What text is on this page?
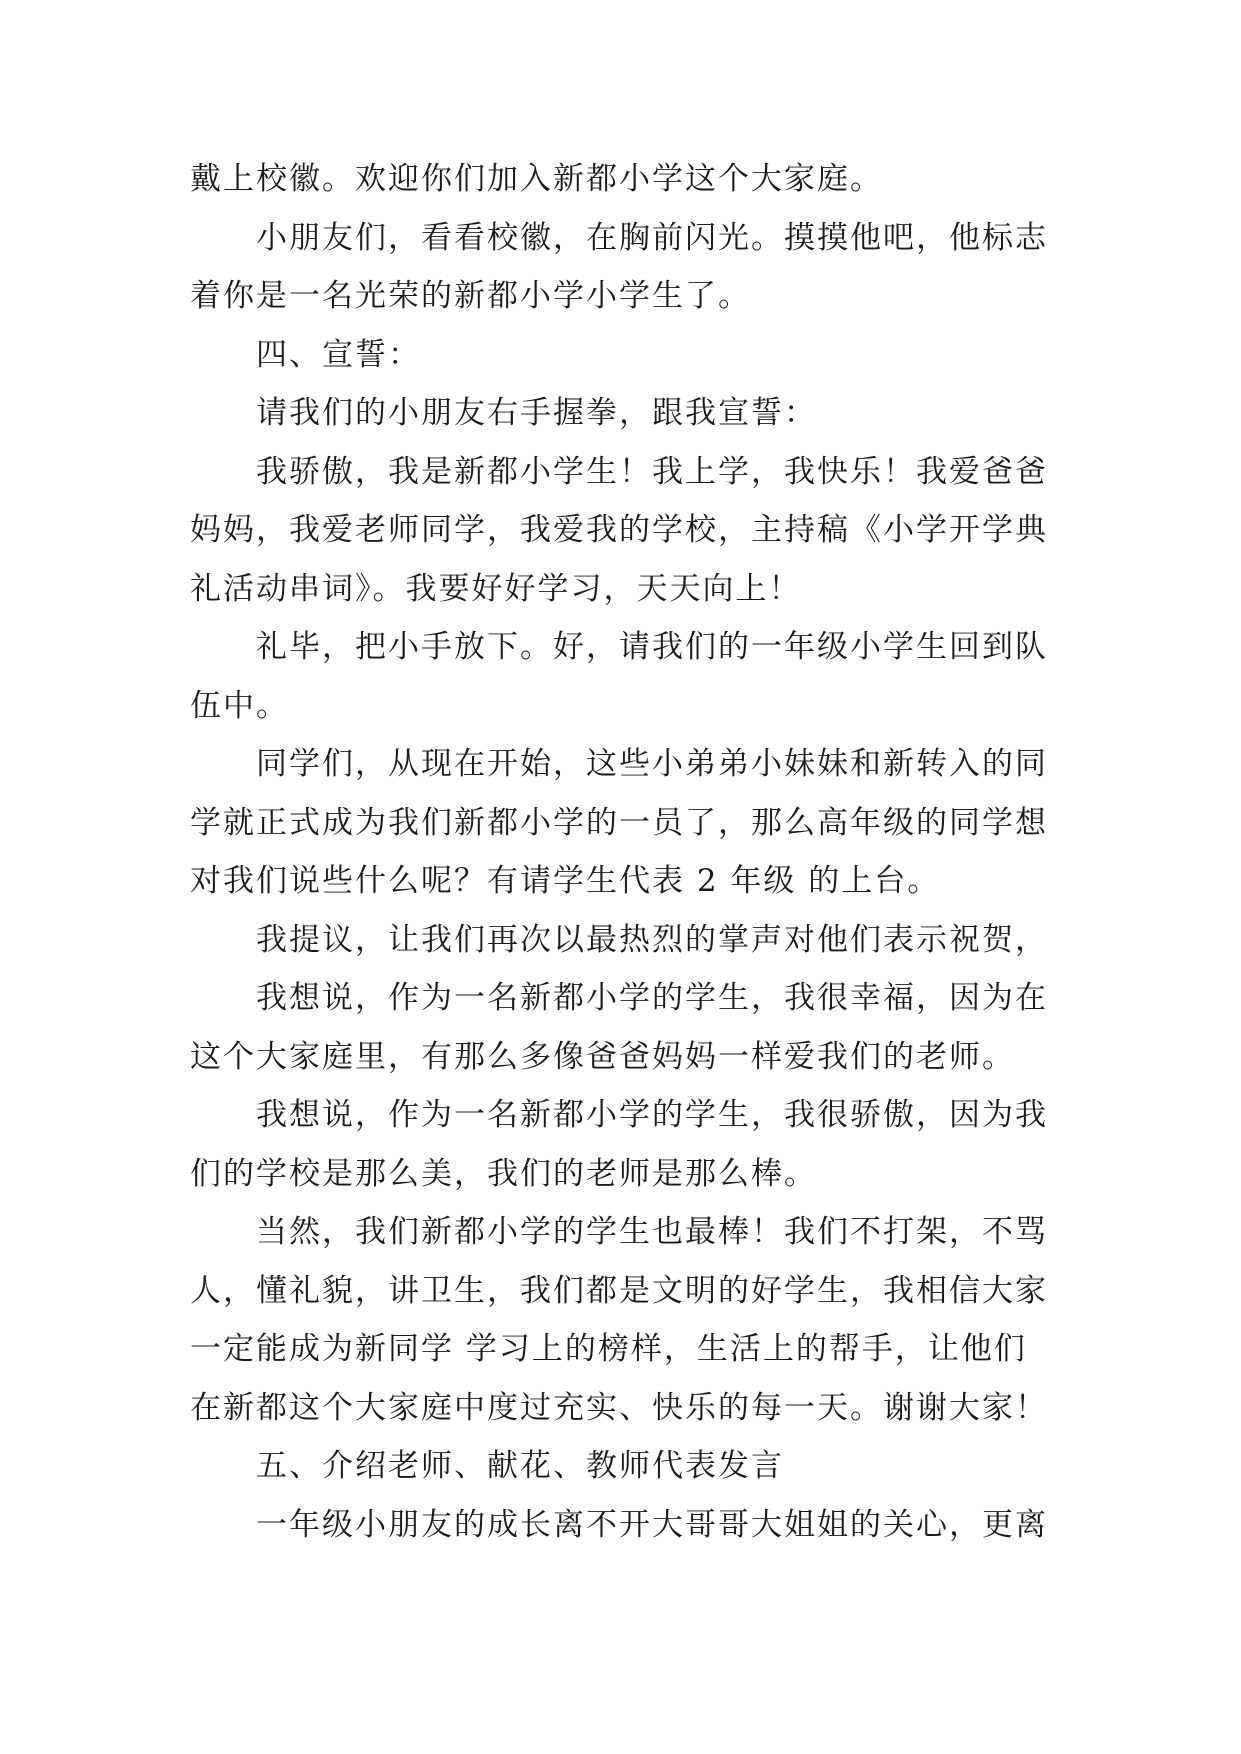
戴上校徽。欢迎你们加入新都小学这个大家庭。
小朋友们，看看校徽，在胸前闪光。摸摸他吧，他标志
着你是一名光荣的新都小学小学生了。
四、宣誓：
请我们的小朋友右手握拳，跟我宣誓：
我骄傲，我是新都小学生！我上学，我快乐！我爱爸爸
妈妈，我爱老师同学，我爱我的学校，主持稿《小学开学典
礼活动串词》。我要好好学习，天天向上！
礼毕，把小手放下。好，请我们的一年级小学生回到队
伍中。
同学们，从现在开始，这些小弟弟小妹妹和新转入的同
学就正式成为我们新都小学的一员了，那么高年级的同学想
对我们说些什么呢？有请学生代表 2 年级 的上台。
我提议，让我们再次以最热烈的掌声对他们表示祝贺，
我想说，作为一名新都小学的学生，我很幸福，因为在
这个大家庭里，有那么多像爸爸妈妈一样爱我们的老师。
我想说，作为一名新都小学的学生，我很骄傲，因为我
们的学校是那么美，我们的老师是那么棒。
当然，我们新都小学的学生也最棒！我们不打架，不骂
人，懂礼貌，讲卫生，我们都是文明的好学生，我相信大家
一定能成为新同学 学习上的榜样，生活上的帮手，让他们
在新都这个大家庭中度过充实、快乐的每一天。谢谢大家！
五、介绍老师、献花、教师代表发言
一年级小朋友的成长离不开大哥哥大姐姐的关心，更离
